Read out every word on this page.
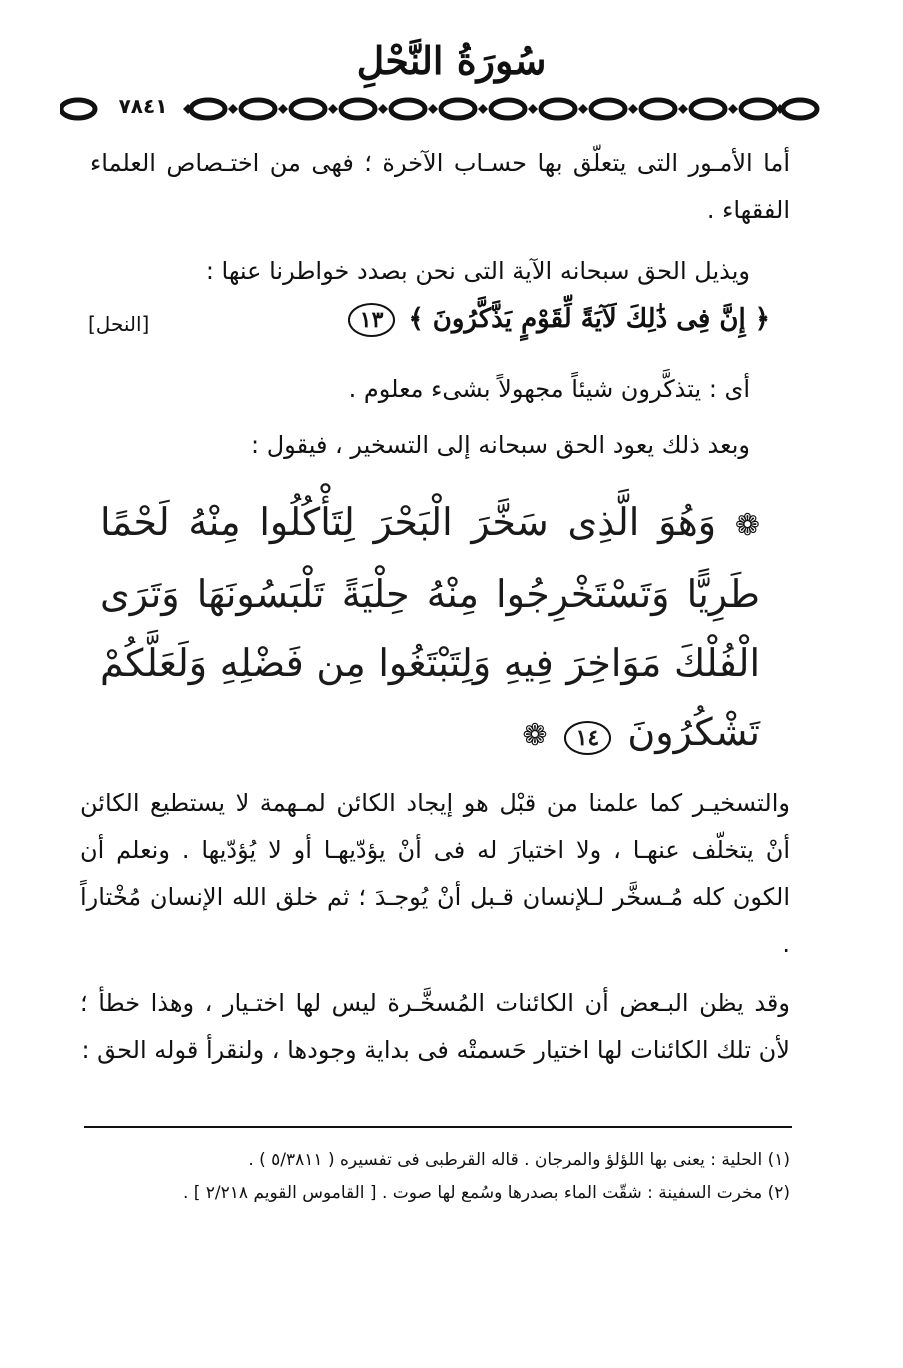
سُورَةُ النَّحْلِ
٧٨٤١
أما الأمـور التى يتعلّق بها حسـاب الآخرة ؛ فهى من اختـصاص العلماء الفقهاء .
ويذيل الحق سبحانه الآية التى نحن بصدد خواطرنا عنها :
﴿ إِنَّ فِى ذَٰلِكَ لَآيَةً لِّقَوْمٍ يَذَّكَّرُونَ ﴾ ١٣
[النحل]
أى : يتذكَّرون شيئاً مجهولاً بشىء معلوم .
وبعد ذلك يعود الحق سبحانه إلى التسخير ، فيقول :
❁ وَهُوَ الَّذِى سَخَّرَ الْبَحْرَ لِتَأْكُلُوا مِنْهُ لَحْمًا طَرِيًّا وَتَسْتَخْرِجُوا مِنْهُ حِلْيَةً تَلْبَسُونَهَا وَتَرَى الْفُلْكَ مَوَاخِرَ فِيهِ وَلِتَبْتَغُوا مِن فَضْلِهِ وَلَعَلَّكُمْ تَشْكُرُونَ ١٤ ❁
والتسخيـر كما علمنا من قبْل هو إيجاد الكائن لمـهمة لا يستطيع الكائن أنْ يتخلّف عنهـا ، ولا اختيارَ له فى أنْ يؤدّيهـا أو لا يُؤدّيها . ونعلم أن الكون كله مُـسخَّر لـلإنسان قـبل أنْ يُوجـدَ ؛ ثم خلق الله الإنسان مُخْتاراً .
وقد يظن البـعض أن الكائنات المُسخَّـرة ليس لها اختـيار ، وهذا خطأ ؛ لأن تلك الكائنات لها اختيار حَسمتْه فى بداية وجودها ، ولنقرأ قوله الحق :
(١) الحلية : يعنى بها اللؤلؤ والمرجان . قاله القرطبى فى تفسيره ( ٥/٣٨١١ ) .
(٢) مخرت السفينة : شقّت الماء بصدرها وسُمع لها صوت . [ القاموس القويم ٢/٢١٨ ] .
